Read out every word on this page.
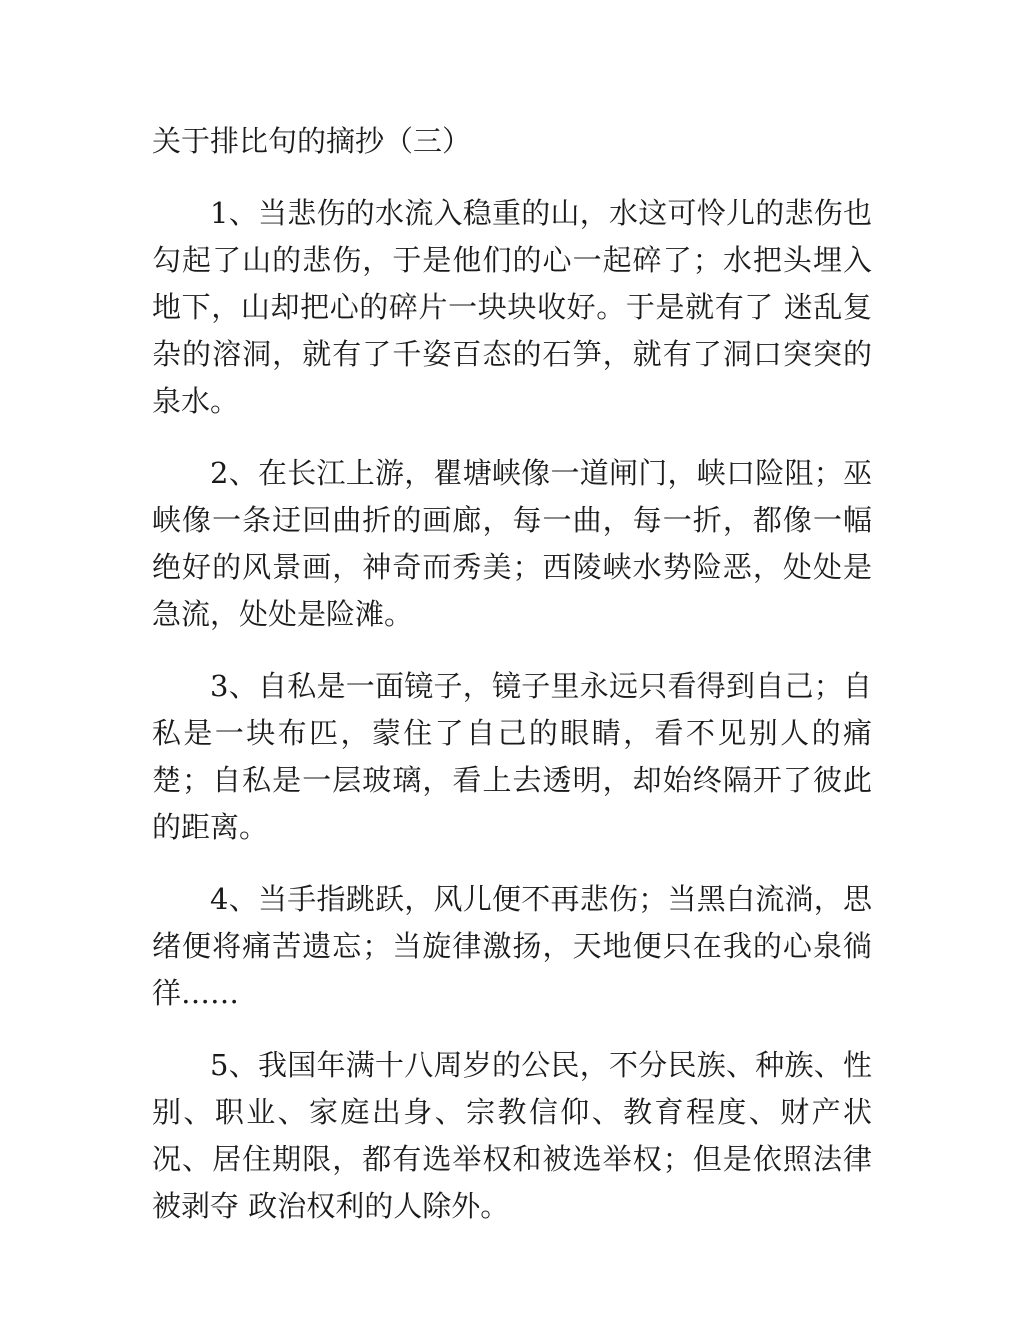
关于排比句的摘抄（三）

1、当悲伤的水流入稳重的山，水这可怜儿的悲伤也勾起了山的悲伤，于是他们的心一起碎了；水把头埋入地下，山却把心的碎片一块块收好。于是就有了 迷乱复杂的溶洞，就有了千姿百态的石笋，就有了洞口突突的泉水。

2、在长江上游，瞿塘峡像一道闸门，峡口险阻；巫峡像一条迂回曲折的画廊，每一曲，每一折，都像一幅绝好的风景画，神奇而秀美；西陵峡水势险恶，处处是急流，处处是险滩。

3、自私是一面镜子，镜子里永远只看得到自己；自私是一块布匹，蒙住了自己的眼睛，看不见别人的痛楚；自私是一层玻璃，看上去透明，却始终隔开了彼此的距离。

4、当手指跳跃，风儿便不再悲伤；当黑白流淌，思绪便将痛苦遗忘；当旋律激扬，天地便只在我的心泉徜徉……

5、我国年满十八周岁的公民，不分民族、种族、性别、职业、家庭出身、宗教信仰、教育程度、财产状况、居住期限，都有选举权和被选举权；但是依照法律被剥夺 政治权利的人除外。
